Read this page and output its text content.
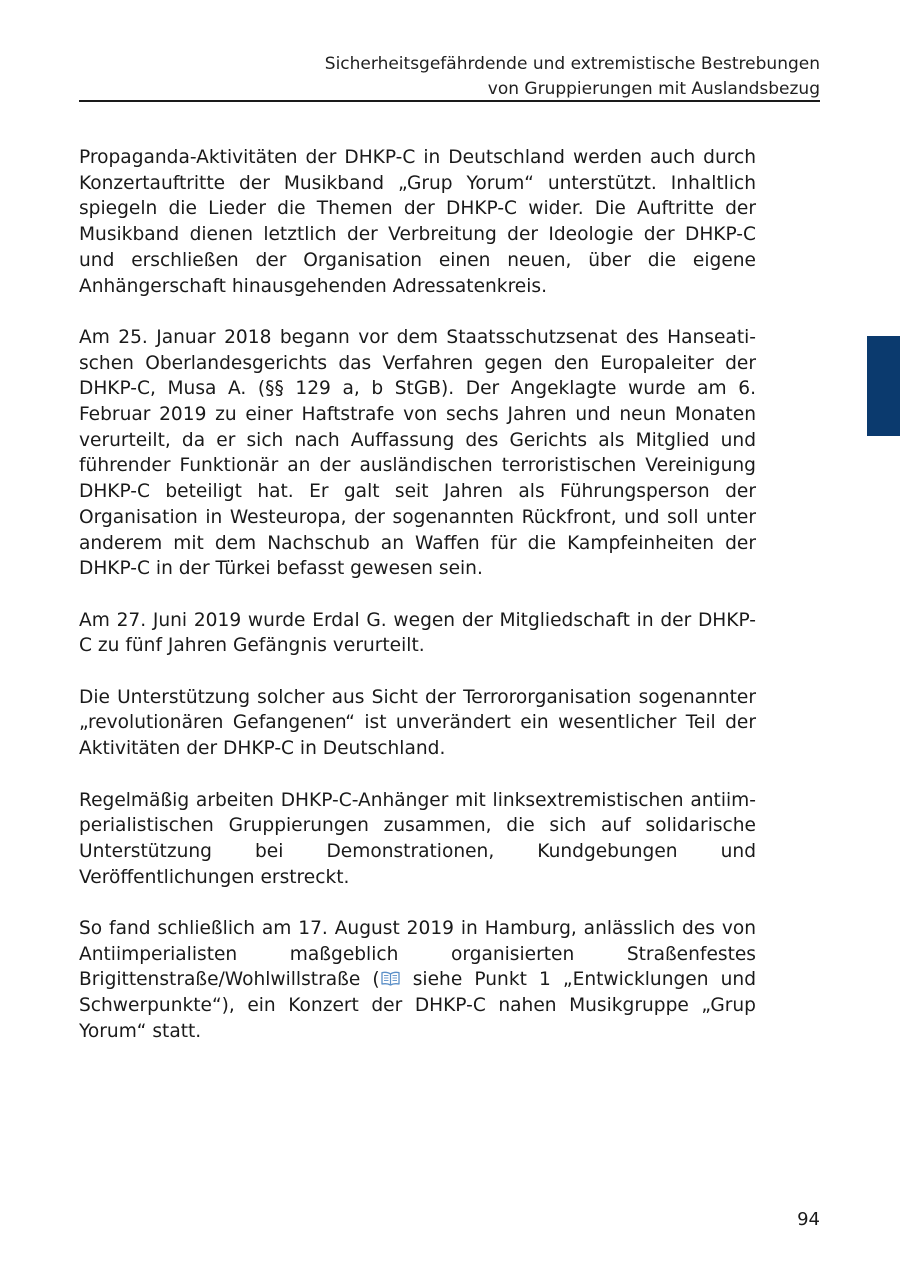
Sicherheitsgefährdende und extremistische Bestrebungen
von Gruppierungen mit Auslandsbezug

Propaganda-Aktivitäten der DHKP-C in Deutschland werden auch durch Konzertauftritte der Musikband „Grup Yorum“ unterstützt. Inhaltlich spiegeln die Lieder die Themen der DHKP-C wider. Die Auftritte der Musikband dienen letztlich der Verbreitung der Ideologie der DHKP-C und erschließen der Organisation einen neuen, über die eigene Anhängerschaft hinausgehenden Adressatenkreis.

Am 25. Januar 2018 begann vor dem Staatsschutzsenat des Hanseatischen Oberlandesgerichts das Verfahren gegen den Europaleiter der DHKP-C, Musa A. (§§ 129 a, b StGB). Der Angeklagte wurde am 6. Februar 2019 zu einer Haftstrafe von sechs Jahren und neun Monaten verurteilt, da er sich nach Auffassung des Gerichts als Mitglied und führender Funktionär an der ausländischen terroristischen Vereinigung DHKP-C beteiligt hat. Er galt seit Jahren als Führungsperson der Organisation in Westeuropa, der sogenannten Rückfront, und soll unter anderem mit dem Nachschub an Waffen für die Kampfeinheiten der DHKP-C in der Türkei befasst gewesen sein.

Am 27. Juni 2019 wurde Erdal G. wegen der Mitgliedschaft in der DHKP-C zu fünf Jahren Gefängnis verurteilt.

Die Unterstützung solcher aus Sicht der Terrororganisation sogenannter „revolutionären Gefangenen“ ist unverändert ein wesentlicher Teil der Aktivitäten der DHKP-C in Deutschland.

Regelmäßig arbeiten DHKP-C-Anhänger mit linksextremistischen antiimperialistischen Gruppierungen zusammen, die sich auf solidarische Unterstützung bei Demonstrationen, Kundgebungen und Veröffentlichungen erstreckt.

So fand schließlich am 17. August 2019 in Hamburg, anlässlich des von Antiimperialisten maßgeblich organisierten Straßenfestes Brigittenstraße/​Wohlwillstraße (
siehe Punkt 1 „Entwicklungen und Schwerpunkte“), ein Konzert der DHKP-C nahen Musikgruppe „Grup Yorum“ statt.

94
